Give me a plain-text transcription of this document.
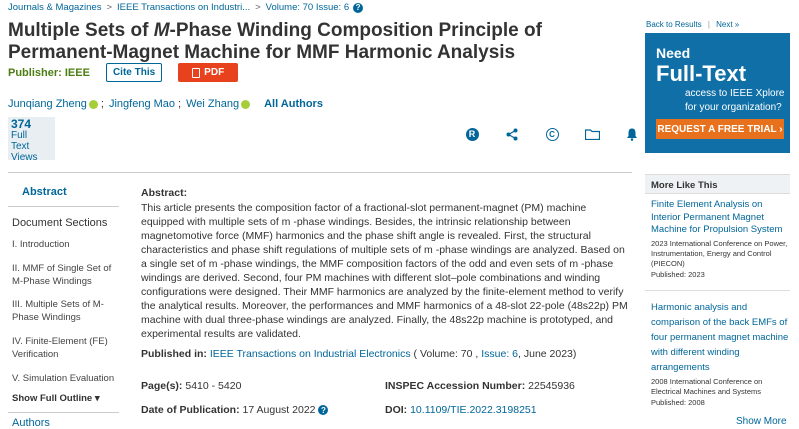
Journals & Magazines > IEEE Transactions on Industri... > Volume: 70 Issue: 6 ?
Multiple Sets of M-Phase Winding Composition Principle of Permanent-Magnet Machine for MMF Harmonic Analysis
Publisher: IEEE	Cite This	PDF
Junqiang Zheng ; Jingfeng Mao ; Wei Zhang All Authors
374
Full
Text Views
R	C
Abstract
Document Sections
I. Introduction
II. MMF of Single Set of M-Phase Windings
III. Multiple Sets of M-Phase Windings
IV. Finite-Element (FE) Verification
V. Simulation Evaluation
Show Full Outline ▾
Authors
Abstract:
This article presents the composition factor of a fractional-slot permanent-magnet (PM) machine equipped with multiple sets of m -phase windings. Besides, the intrinsic relationship between magnetomotive force (MMF) harmonics and the phase shift angle is revealed. First, the structural characteristics and phase shift regulations of multiple sets of m -phase windings are analyzed. Based on a single set of m -phase windings, the MMF composition factors of the odd and even sets of m -phase windings are derived. Second, four PM machines with different slot–pole combinations and winding configurations were designed. Their MMF harmonics are analyzed by the finite-element method to verify the analytical results. Moreover, the performances and MMF harmonics of a 48-slot 22-pole (48s22p) PM machine with dual three-phase windings are analyzed. Finally, the 48s22p machine is prototyped, and experimental results are validated.
Published in: IEEE Transactions on Industrial Electronics ( Volume: 70 , Issue: 6, June 2023)
Page(s): 5410 - 5420	INSPEC Accession Number: 22545936
Date of Publication: 17 August 2022 ?	DOI: 10.1109/TIE.2022.3198251
Back to Results | Next »
Need
Full-Text
access to IEEE Xplore
for your organization?
REQUEST A FREE TRIAL ›
More Like This
Finite Element Analysis on Interior Permanent Magnet Machine for Propulsion System
2023 International Conference on Power, Instrumentation, Energy and Control (PIECON)
Published: 2023
Harmonic analysis and comparison of the back EMFs of four permanent magnet machine with different winding arrangements
2008 International Conference on Electrical Machines and Systems
Published: 2008
Show More
